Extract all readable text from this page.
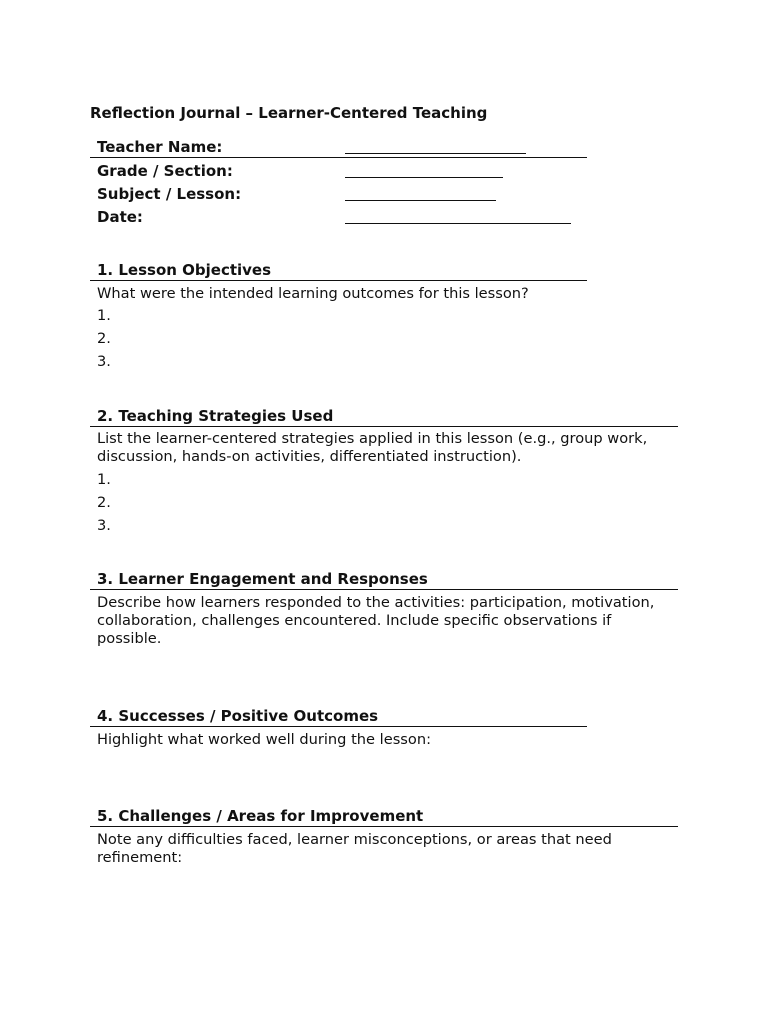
Reflection Journal – Learner-Centered Teaching
Teacher Name:
Grade / Section:
Subject / Lesson:
Date:
1. Lesson Objectives
What were the intended learning outcomes for this lesson?
1.
2.
3.
2. Teaching Strategies Used
List the learner-centered strategies applied in this lesson (e.g., group work, discussion, hands-on activities, differentiated instruction).
1.
2.
3.
3. Learner Engagement and Responses
Describe how learners responded to the activities: participation, motivation, collaboration, challenges encountered. Include specific observations if possible.
4. Successes / Positive Outcomes
Highlight what worked well during the lesson:
5. Challenges / Areas for Improvement
Note any difficulties faced, learner misconceptions, or areas that need refinement:
